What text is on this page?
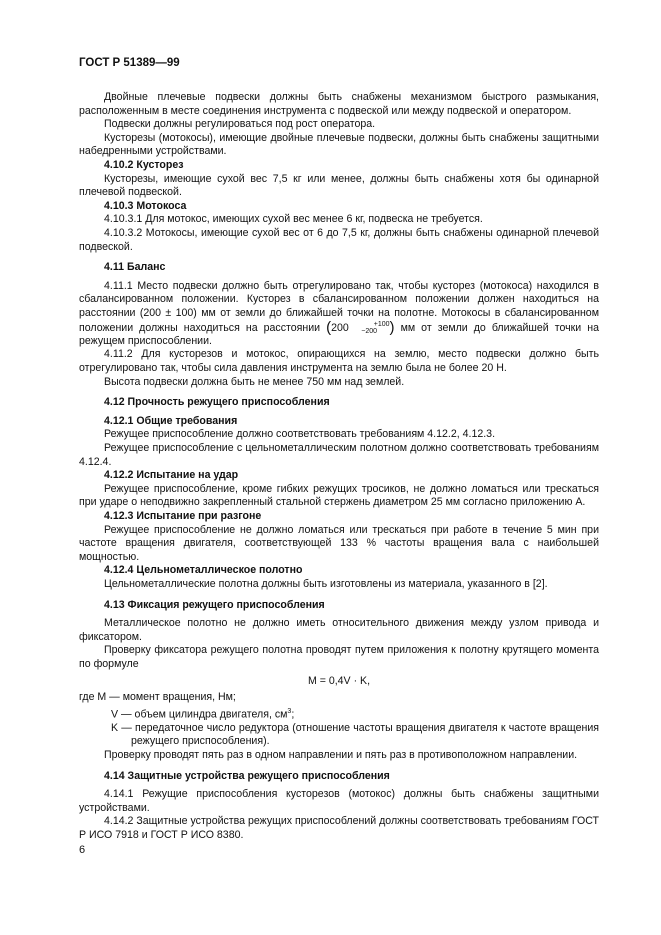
ГОСТ Р 51389—99

Двойные плечевые подвески должны быть снабжены механизмом быстрого размыкания, расположенным в месте соединения инструмента с подвеской или между подвеской и оператором.

Подвески должны регулироваться под рост оператора.

Кусторезы (мотокосы), имеющие двойные плечевые подвески, должны быть снабжены защитными набедренными устройствами.

4.10.2 Кусторез

Кусторезы, имеющие сухой вес 7,5 кг или менее, должны быть снабжены хотя бы одинарной плечевой подвеской.

4.10.3 Мотокоса

4.10.3.1 Для мотокос, имеющих сухой вес менее 6 кг, подвеска не требуется.

4.10.3.2 Мотокосы, имеющие сухой вес от 6 до 7,5 кг, должны быть снабжены одинарной плечевой подвеской.

4.11 Баланс

4.11.1 Место подвески должно быть отрегулировано так, чтобы кусторез (мотокоса) находился в сбалансированном положении. Кусторез в сбалансированном положении должен находиться на расстоянии (200 ± 100) мм от земли до ближайшей точки на полотне. Мотокосы в сбалансированном положении должны находиться на расстоянии (200	+100
−200 ) мм от земли до ближайшей точки на режущем приспособлении.

4.11.2 Для кусторезов и мотокос, опирающихся на землю, место подвески должно быть отрегулировано так, чтобы сила давления инструмента на землю была не более 20 Н.

Высота подвески должна быть не менее 750 мм над землей.

4.12 Прочность режущего приспособления

4.12.1 Общие требования

Режущее приспособление должно соответствовать требованиям 4.12.2, 4.12.3.

Режущее приспособление с цельнометаллическим полотном должно соответствовать требованиям 4.12.4.

4.12.2 Испытание на удар

Режущее приспособление, кроме гибких режущих тросиков, не должно ломаться или трескаться при ударе о неподвижно закрепленный стальной стержень диаметром 25 мм согласно приложению А.

4.12.3 Испытание при разгоне

Режущее приспособление не должно ломаться или трескаться при работе в течение 5 мин при частоте вращения двигателя, соответствующей 133 % частоты вращения вала с наибольшей мощностью.

4.12.4 Цельнометаллическое полотно

Цельнометаллические полотна должны быть изготовлены из материала, указанного в [2].

4.13 Фиксация режущего приспособления

Металлическое полотно не должно иметь относительного движения между узлом привода и фиксатором.

Проверку фиксатора режущего полотна проводят путем приложения к полотну крутящего момента по формуле

M = 0,4V · K,

где M — момент вращения, Нм;

V — объем цилиндра двигателя, $см^3$;

K — передаточное число редуктора (отношение частоты вращения двигателя к частоте вращения режущего приспособления).

Проверку проводят пять раз в одном направлении и пять раз в противоположном направлении.

4.14 Защитные устройства режущего приспособления

4.14.1 Режущие приспособления кусторезов (мотокос) должны быть снабжены защитными устройствами.

4.14.2 Защитные устройства режущих приспособлений должны соответствовать требованиям ГОСТ Р ИСО 7918 и ГОСТ Р ИСО 8380.

6
